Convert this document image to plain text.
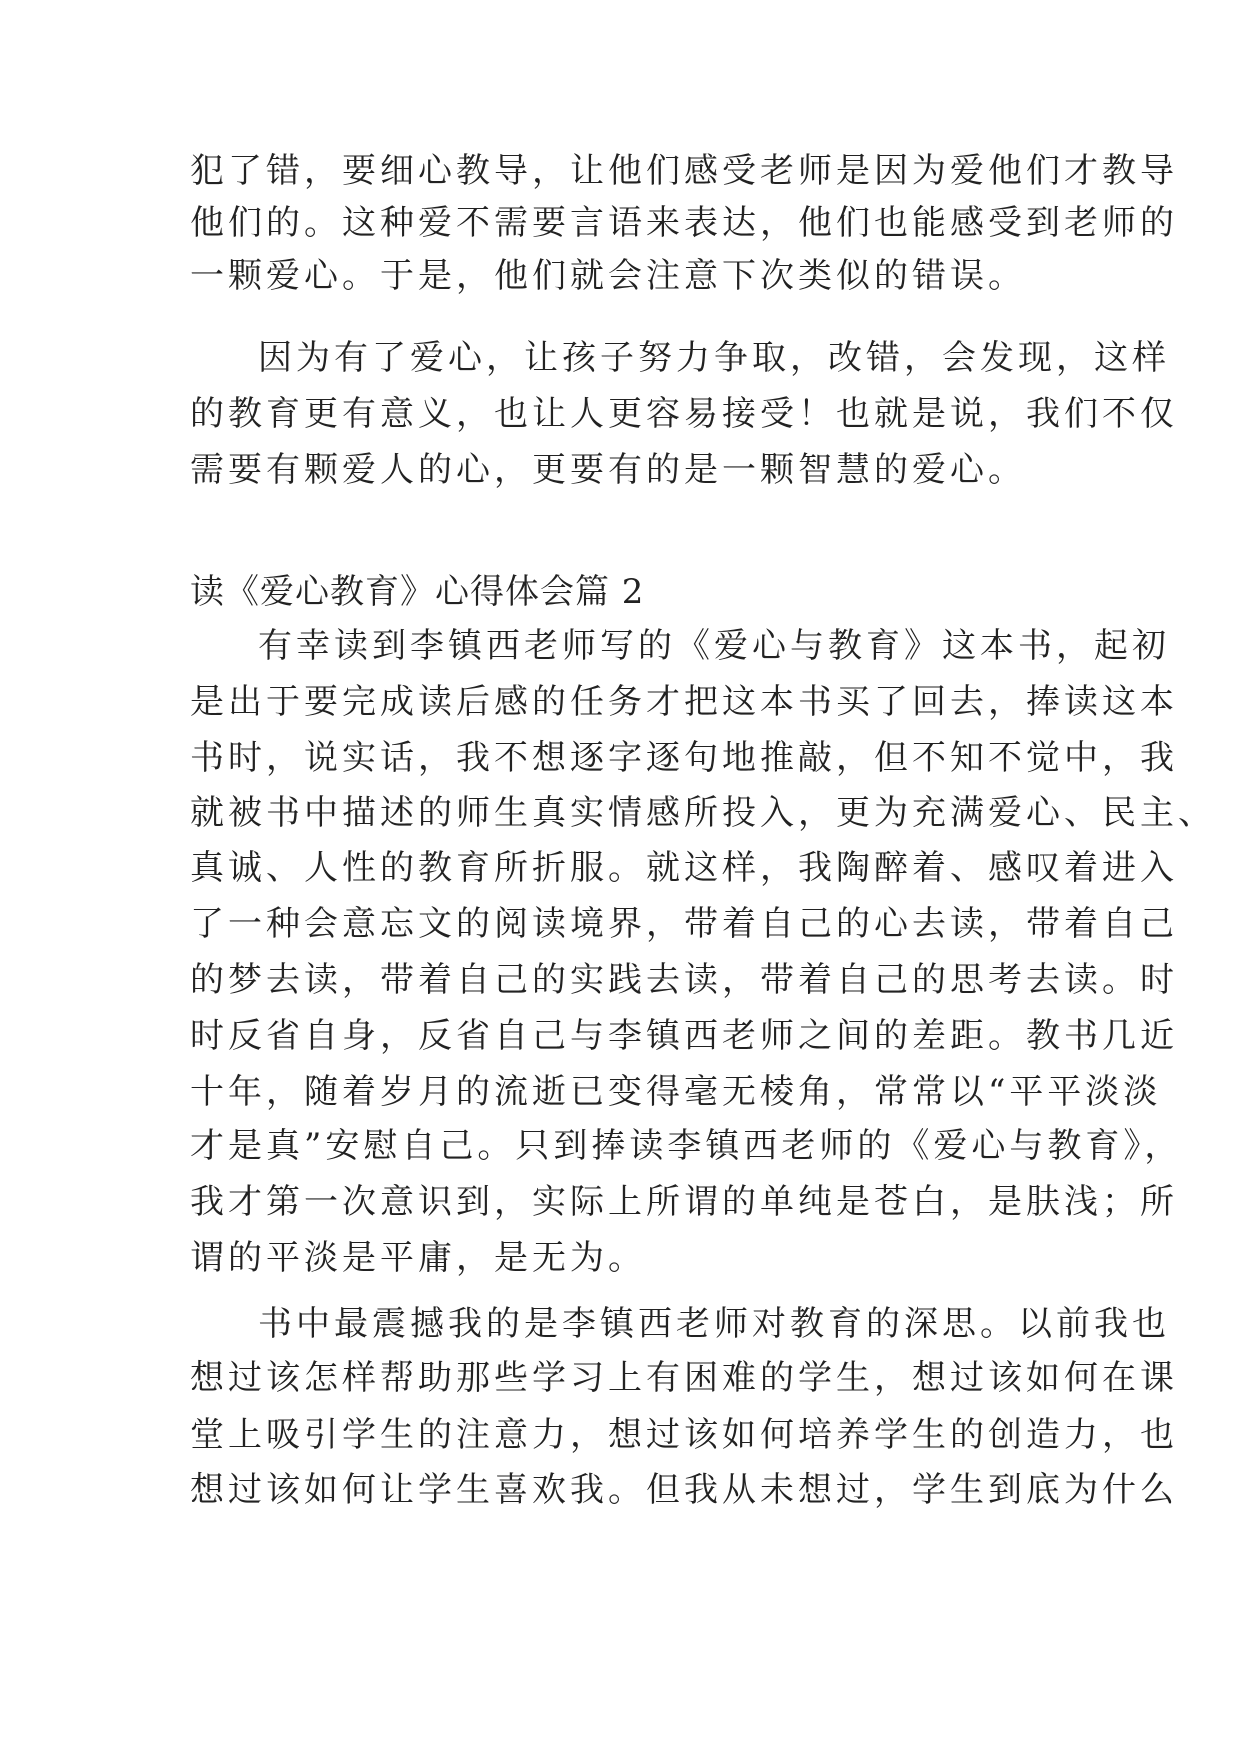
犯了错，要细心教导，让他们感受老师是因为爱他们才教导
他们的。这种爱不需要言语来表达，他们也能感受到老师的
一颗爱心。于是，他们就会注意下次类似的错误。
因为有了爱心，让孩子努力争取，改错，会发现，这样
的教育更有意义，也让人更容易接受！也就是说，我们不仅
需要有颗爱人的心，更要有的是一颗智慧的爱心。
读《爱心教育》心得体会篇 2
有幸读到李镇西老师写的《爱心与教育》这本书，起初
是出于要完成读后感的任务才把这本书买了回去，捧读这本
书时，说实话，我不想逐字逐句地推敲，但不知不觉中，我
就被书中描述的师生真实情感所投入，更为充满爱心、民主、
真诚、人性的教育所折服。就这样，我陶醉着、感叹着进入
了一种会意忘文的阅读境界，带着自己的心去读，带着自己
的梦去读，带着自己的实践去读，带着自己的思考去读。时
时反省自身，反省自己与李镇西老师之间的差距。教书几近
十年，随着岁月的流逝已变得毫无棱角，常常以“平平淡淡
才是真”安慰自己。只到捧读李镇西老师的《爱心与教育》，
我才第一次意识到，实际上所谓的单纯是苍白，是肤浅；所
谓的平淡是平庸，是无为。
书中最震撼我的是李镇西老师对教育的深思。以前我也
想过该怎样帮助那些学习上有困难的学生，想过该如何在课
堂上吸引学生的注意力，想过该如何培养学生的创造力，也
想过该如何让学生喜欢我。但我从未想过，学生到底为什么
